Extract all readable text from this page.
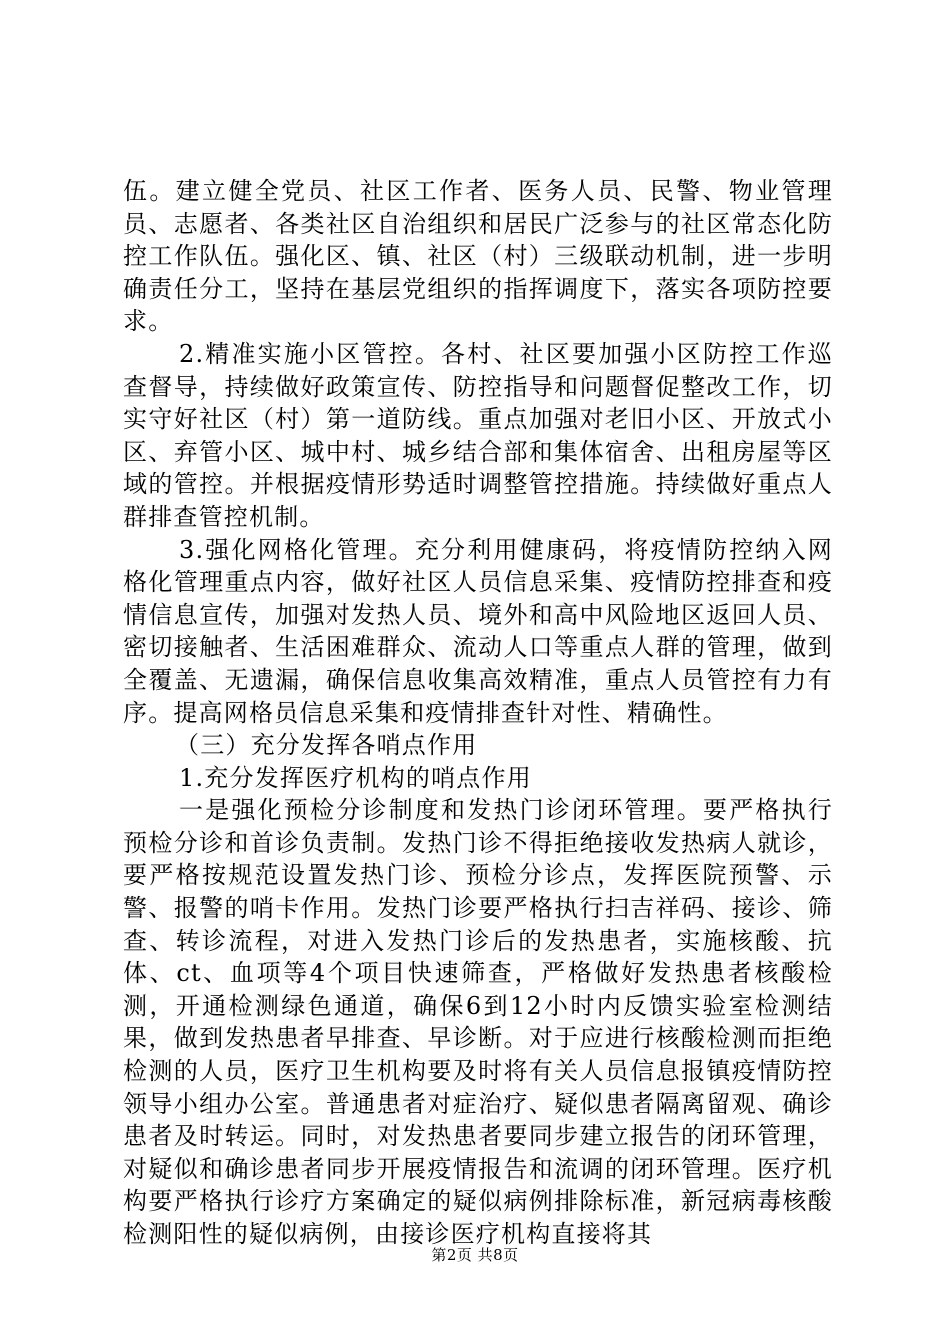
伍。建立健全党员、社区工作者、医务人员、民警、物业管理员、志愿者、各类社区自治组织和居民广泛参与的社区常态化防控工作队伍。强化区、镇、社区（村）三级联动机制，进一步明确责任分工，坚持在基层党组织的指挥调度下，落实各项防控要求。

2.精准实施小区管控。各村、社区要加强小区防控工作巡查督导，持续做好政策宣传、防控指导和问题督促整改工作，切实守好社区（村）第一道防线。重点加强对老旧小区、开放式小区、弃管小区、城中村、城乡结合部和集体宿舍、出租房屋等区域的管控。并根据疫情形势适时调整管控措施。持续做好重点人群排查管控机制。

3.强化网格化管理。充分利用健康码，将疫情防控纳入网格化管理重点内容，做好社区人员信息采集、疫情防控排查和疫情信息宣传，加强对发热人员、境外和高中风险地区返回人员、密切接触者、生活困难群众、流动人口等重点人群的管理，做到全覆盖、无遗漏，确保信息收集高效精准，重点人员管控有力有序。提高网格员信息采集和疫情排查针对性、精确性。

（三）充分发挥各哨点作用

1.充分发挥医疗机构的哨点作用

一是强化预检分诊制度和发热门诊闭环管理。要严格执行预检分诊和首诊负责制。发热门诊不得拒绝接收发热病人就诊，要严格按规范设置发热门诊、预检分诊点，发挥医院预警、示警、报警的哨卡作用。发热门诊要严格执行扫吉祥码、接诊、筛查、转诊流程，对进入发热门诊后的发热患者，实施核酸、抗体、ct、血项等4个项目快速筛查，严格做好发热患者核酸检测，开通检测绿色通道，确保6到12小时内反馈实验室检测结果，做到发热患者早排查、早诊断。对于应进行核酸检测而拒绝检测的人员，医疗卫生机构要及时将有关人员信息报镇疫情防控领导小组办公室。普通患者对症治疗、疑似患者隔离留观、确诊患者及时转运。同时，对发热患者要同步建立报告的闭环管理，对疑似和确诊患者同步开展疫情报告和流调的闭环管理。医疗机构要严格执行诊疗方案确定的疑似病例排除标准，新冠病毒核酸检测阳性的疑似病例，由接诊医疗机构直接将其

第2页 共8页
